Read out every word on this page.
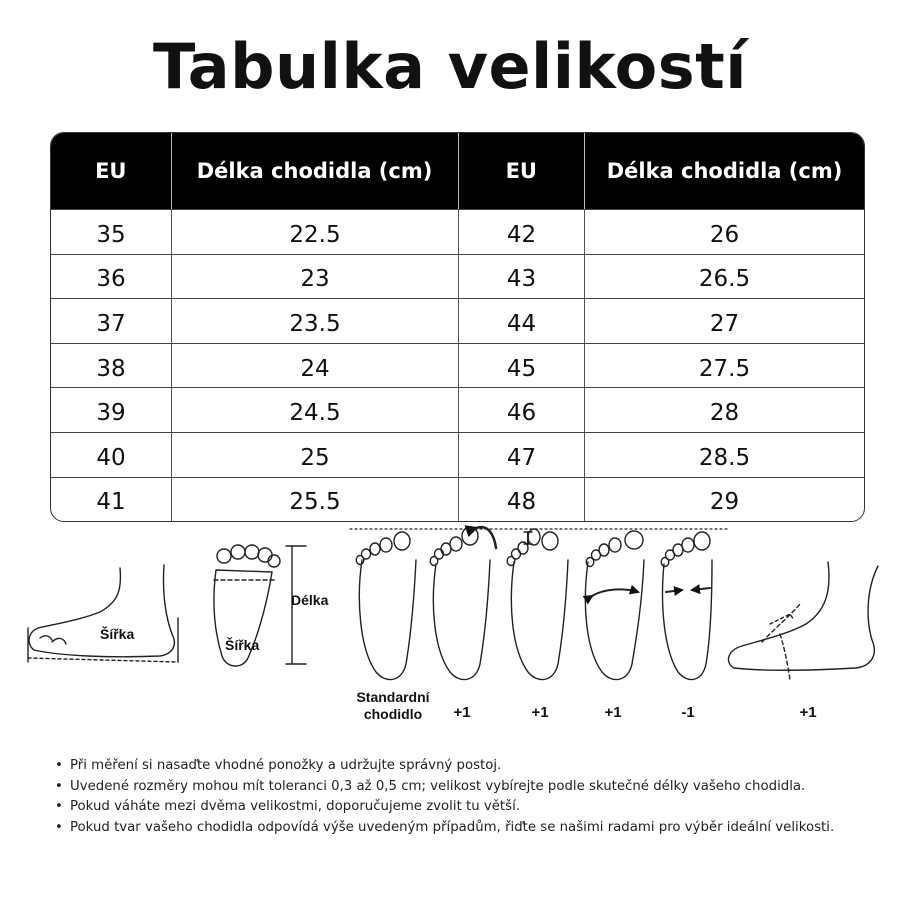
Tabulka velikostí
EU	Délka chodidla (cm)	EU	Délka chodidla (cm)
35	22.5	42	26
36	23	43	26.5
37	23.5	44	27
38	24	45	27.5
39	24.5	46	28
40	25	47	28.5
41	25.5	48	29
Šířka
Šířka
Délka
Standardní
chodidlo +1	+1	+1	-1	+1
• Při měření si nasaďte vhodné ponožky a udržujte správný postoj.
• Uvedené rozměry mohou mít toleranci 0,3 až 0,5 cm; velikost vybírejte podle skutečné délky vašeho chodidla.
• Pokud váháte mezi dvěma velikostmi, doporučujeme zvolit tu větší.
• Pokud tvar vašeho chodidla odpovídá výše uvedeným případům, řiďte se našimi radami pro výběr ideální velikosti.
